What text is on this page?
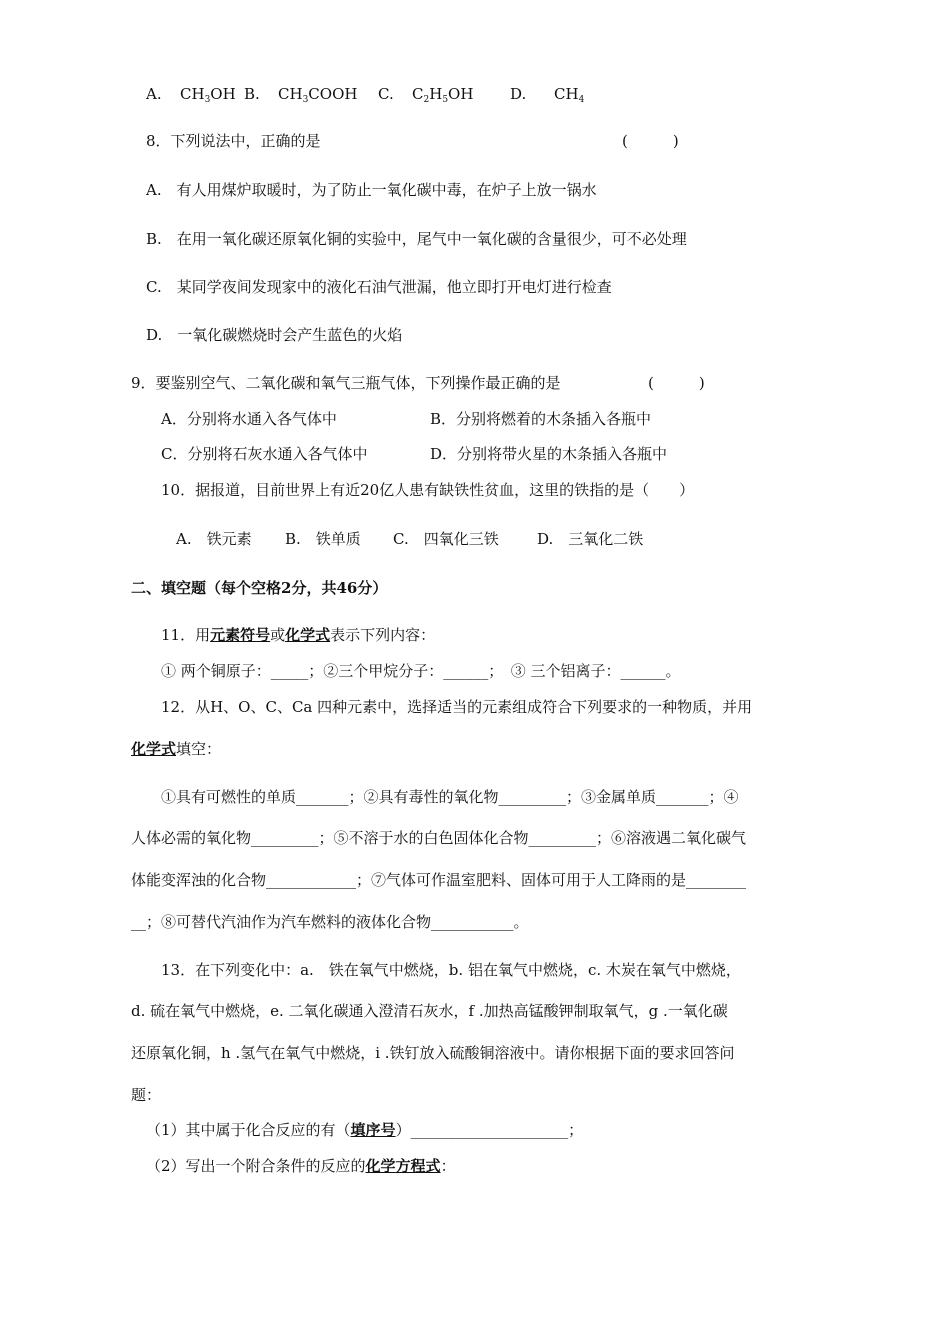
A. $CH_3OH$ B. $CH_3COOH$ C. $C_2H_5OH$ D. $CH_4$
8．下列说法中，正确的是	(　　　)
A.　有人用煤炉取暖时，为了防止一氧化碳中毒，在炉子上放一锅水
B.　在用一氧化碳还原氧化铜的实验中，尾气中一氧化碳的含量很少，可不必处理
C.　某同学夜间发现家中的液化石油气泄漏，他立即打开电灯进行检查
D.　一氧化碳燃烧时会产生蓝色的火焰
9．要鉴别空气、二氧化碳和氧气三瓶气体，下列操作最正确的是	(　　　)
A．分别将水通入各气体中	B．分别将燃着的木条插入各瓶中
C．分别将石灰水通入各气体中	D．分别将带火星的木条插入各瓶中
10．据报道，目前世界上有近20亿人患有缺铁性贫血，这里的铁指的是（　　）
A.　铁元素 B.　铁单质 C.　四氧化三铁	D.　三氧化二铁
二、填空题（每个空格2分，共46分）
11．用元素符号或化学式表示下列内容：
① 两个铜原子：_____；②三个甲烷分子：______；　③ 三个铝离子：______。
12．从H、O、C、Ca 四种元素中，选择适当的元素组成符合下列要求的一种物质，并用
化学式填空：
①具有可燃性的单质_______；②具有毒性的氧化物_________；③金属单质_______；④
人体必需的氧化物_________；⑤不溶于水的白色固体化合物_________；⑥溶液遇二氧化碳气
体能变浑浊的化合物____________；⑦气体可作温室肥料、固体可用于人工降雨的是________
__；⑧可替代汽油作为汽车燃料的液体化合物___________。
13．在下列变化中：a.　铁在氧气中燃烧，b. 铝在氧气中燃烧，c. 木炭在氧气中燃烧，
d. 硫在氧气中燃烧，e. 二氧化碳通入澄清石灰水，f .加热高锰酸钾制取氧气，g .一氧化碳
还原氧化铜，h .氢气在氧气中燃烧，i .铁钉放入硫酸铜溶液中。请你根据下面的要求回答问
题：
（1）其中属于化合反应的有（填序号）_____________________；
（2）写出一个附合条件的反应的化学方程式：
